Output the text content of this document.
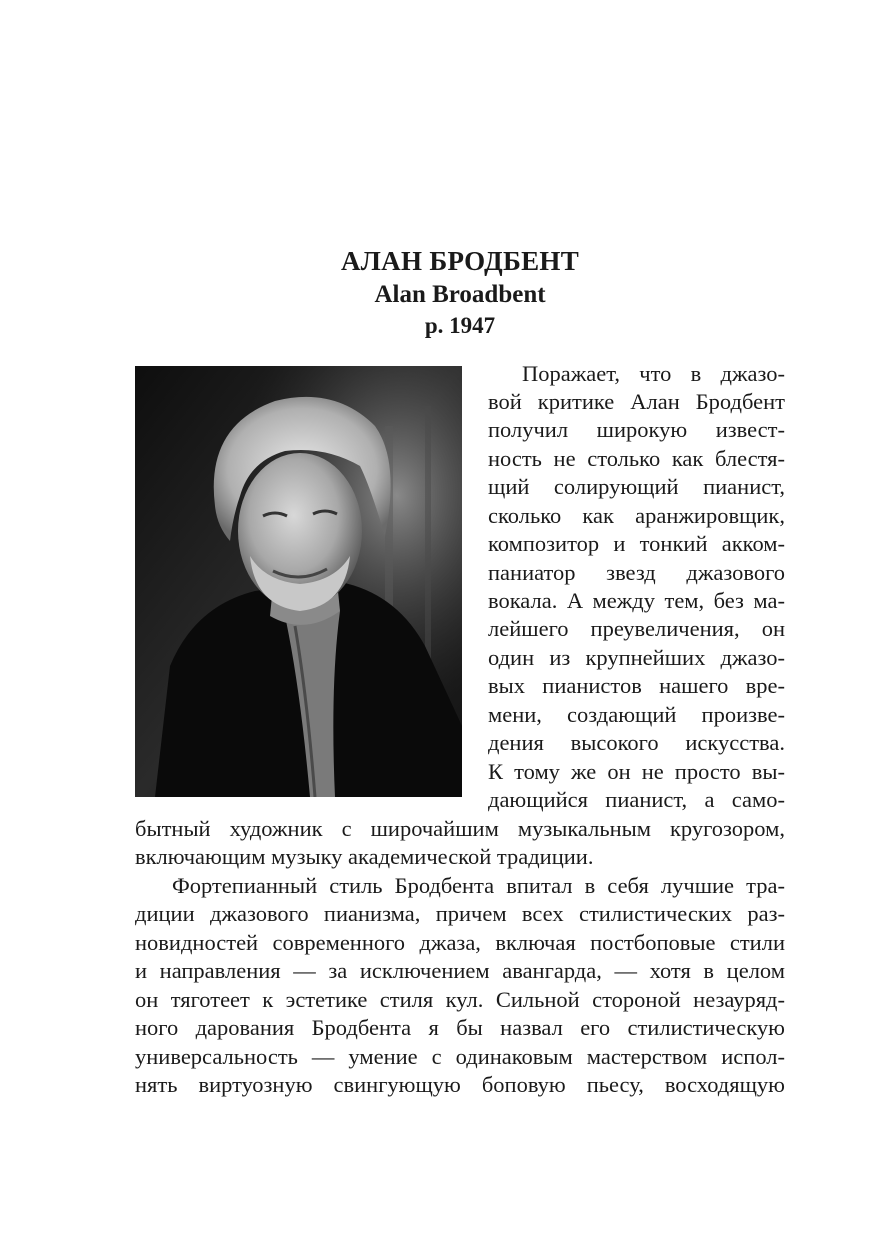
АЛАН БРОДБЕНТ
Alan Broadbent
р. 1947
Поражает, что в джазо-
вой критике Алан Бродбент
получил широкую извест-
ность не столько как блестя-
щий солирующий пианист,
сколько как аранжировщик,
композитор и тонкий акком-
паниатор звезд джазового
вокала. А между тем, без ма-
лейшего преувеличения, он
один из крупнейших джазо-
вых пианистов нашего вре-
мени, создающий произве-
дения высокого искусства.
К тому же он не просто вы-
дающийся пианист, а само-
бытный художник с широчайшим музыкальным кругозором,
включающим музыку академической традиции.
Фортепианный стиль Бродбента впитал в себя лучшие тра-
диции джазового пианизма, причем всех стилистических раз-
новидностей современного джаза, включая постбоповые стили
и направления — за исключением авангарда, — хотя в целом
он тяготеет к эстетике стиля кул. Сильной стороной незауряд-
ного дарования Бродбента я бы назвал его стилистическую
универсальность — умение с одинаковым мастерством испол-
нять виртуозную свингующую боповую пьесу, восходящую
